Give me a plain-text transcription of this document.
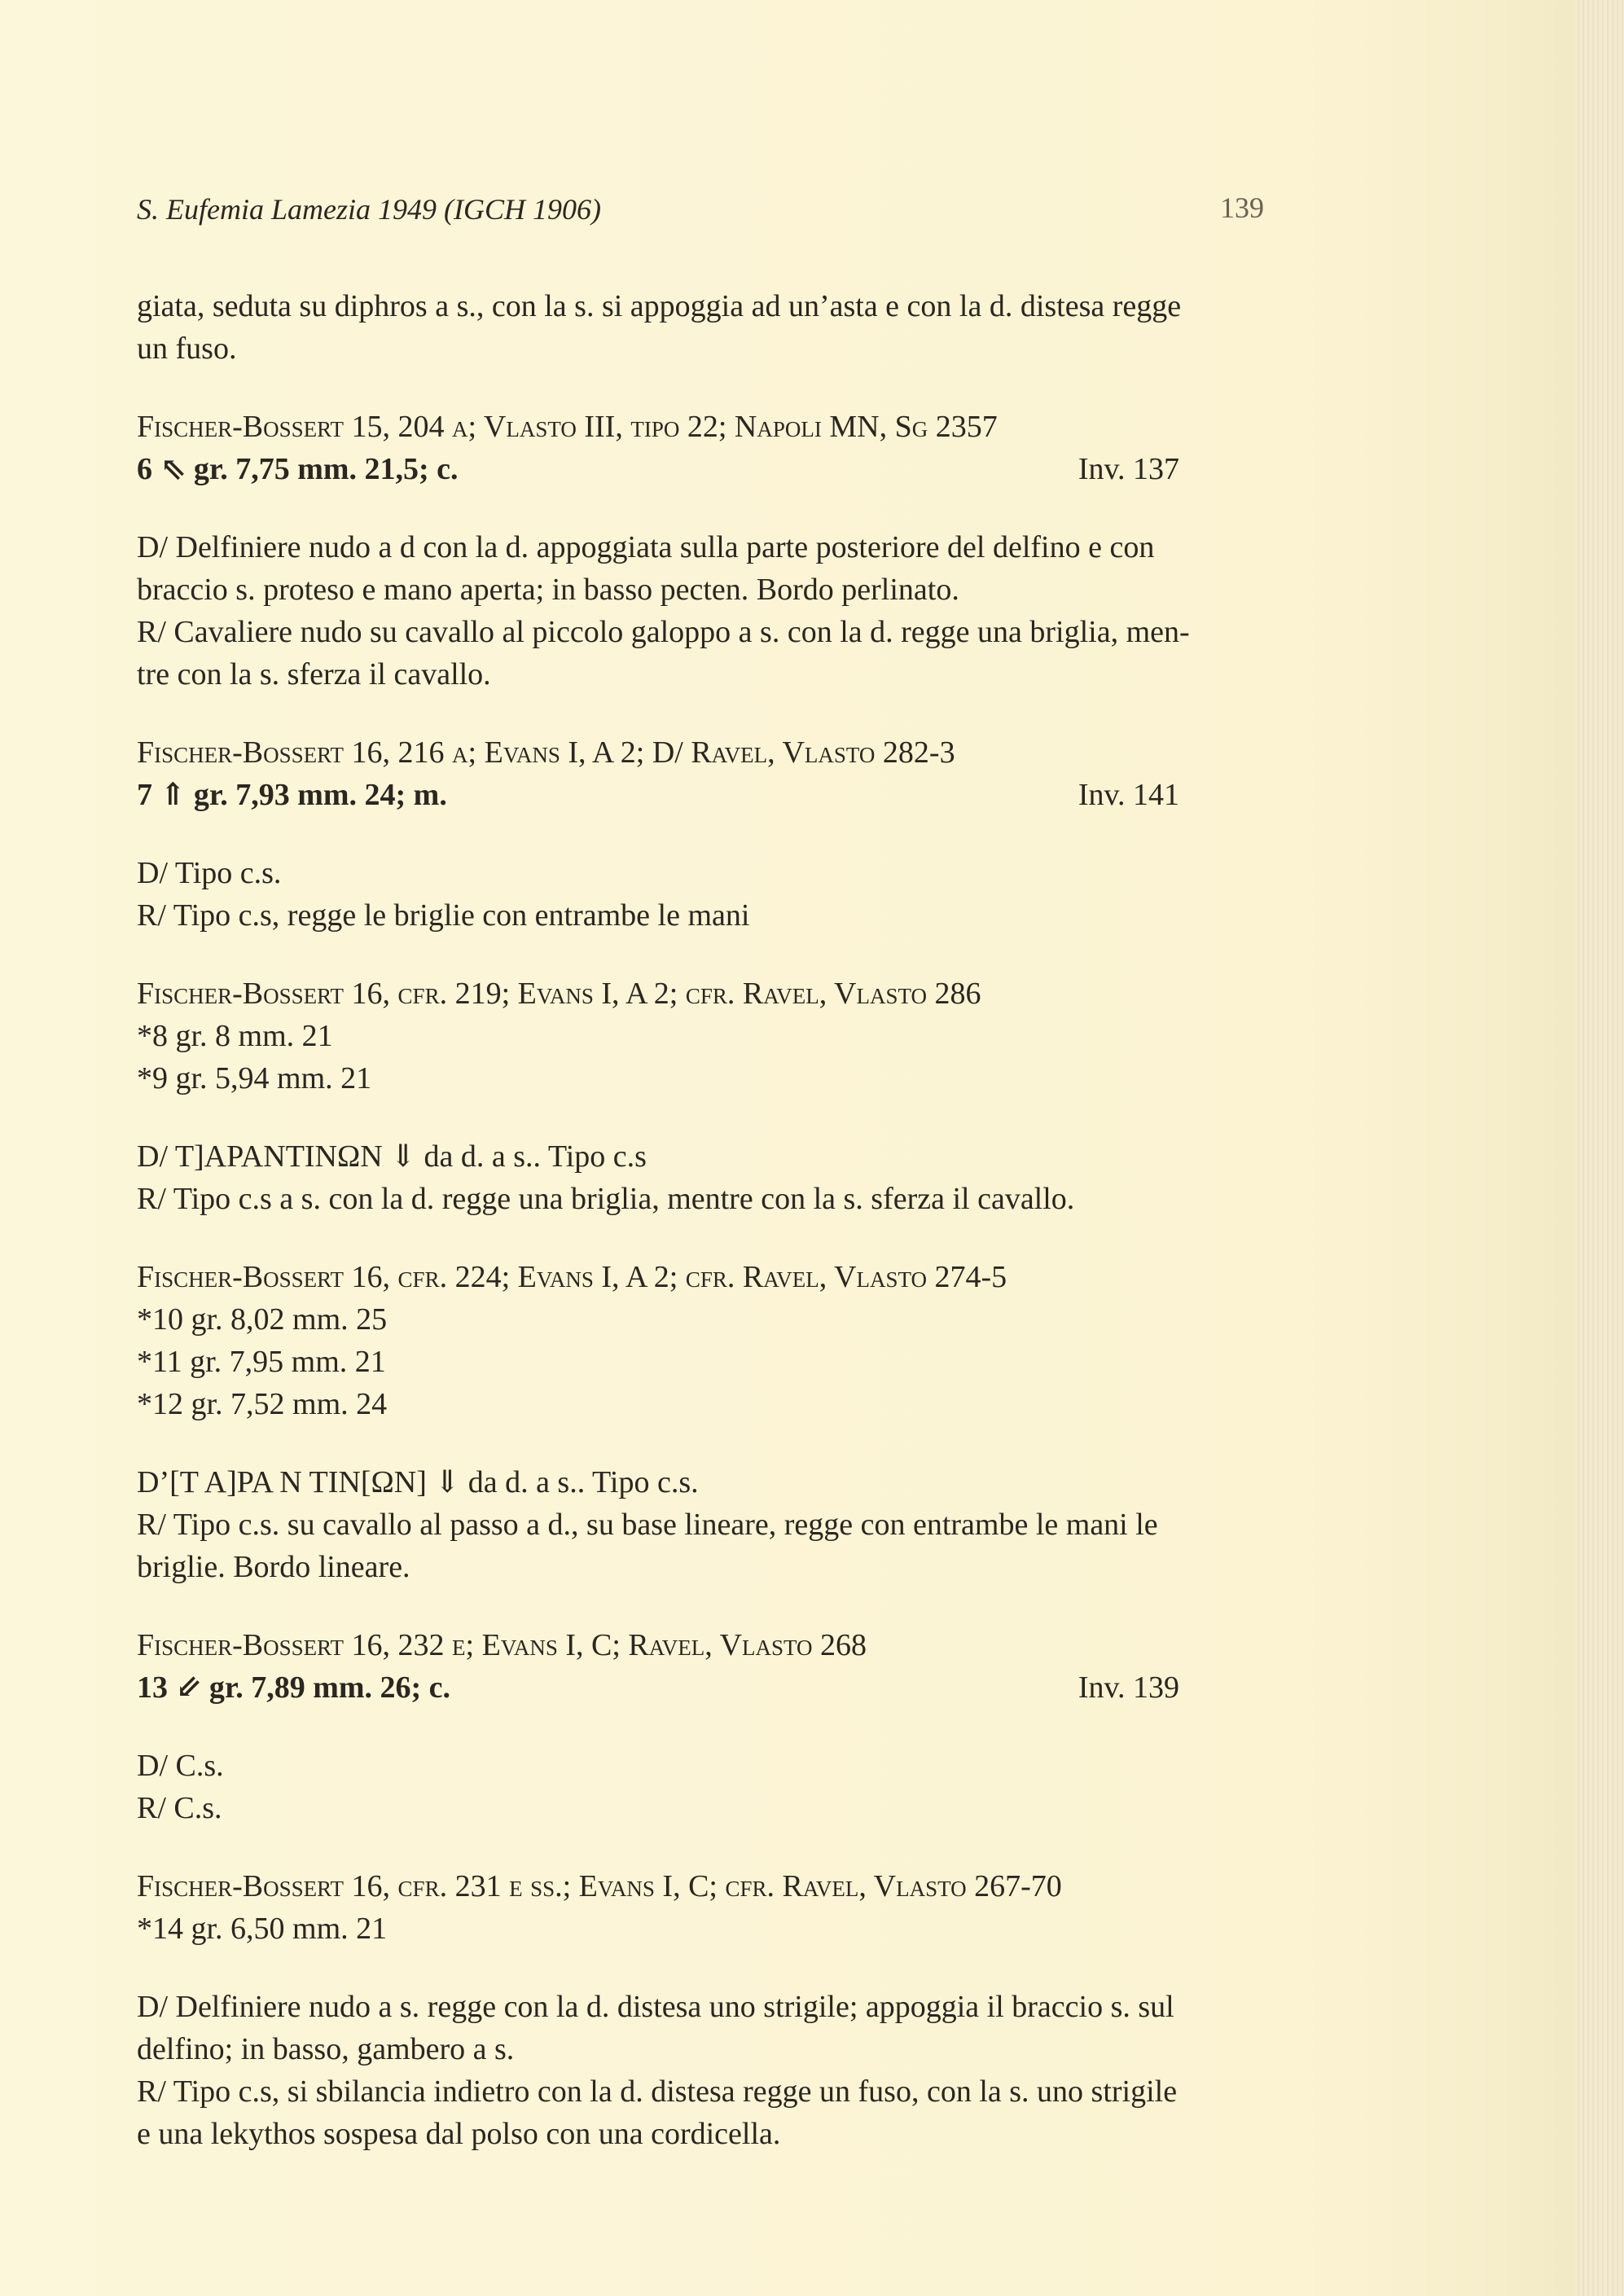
S. Eufemia Lamezia 1949 (IGCH 1906)	139
giata, seduta su diphros a s., con la s. si appoggia ad un’asta e con la d. distesa regge
un fuso.
Fischer-Bossert 15, 204 a; Vlasto III, tipo 22; Napoli MN, Sg 2357
6 ⇖ gr. 7,75 mm. 21,5; c.	Inv. 137
D/ Delfiniere nudo a d con la d. appoggiata sulla parte posteriore del delfino e con
braccio s. proteso e mano aperta; in basso pecten. Bordo perlinato.
R/ Cavaliere nudo su cavallo al piccolo galoppo a s. con la d. regge una briglia, men-
tre con la s. sferza il cavallo.
Fischer-Bossert 16, 216 a; Evans I, A 2; D/ Ravel, Vlasto 282-3
7 ⇑ gr. 7,93 mm. 24; m.	Inv. 141
D/ Tipo c.s.
R/ Tipo c.s, regge le briglie con entrambe le mani
Fischer-Bossert 16, cfr. 219; Evans I, A 2; cfr. Ravel, Vlasto 286
*8 gr. 8 mm. 21
*9 gr. 5,94 mm. 21
D/ T]ΑΡΑΝΤΙΝΩΝ ⇓ da d. a s.. Tipo c.s
R/ Tipo c.s a s. con la d. regge una briglia, mentre con la s. sferza il cavallo.
Fischer-Bossert 16, cfr. 224; Evans I, A 2; cfr. Ravel, Vlasto 274-5
*10 gr. 8,02 mm. 25
*11 gr. 7,95 mm. 21
*12 gr. 7,52 mm. 24
D’[Τ Α]ΡΑ Ν ΤΙΝ[ΩΝ] ⇓ da d. a s.. Tipo c.s.
R/ Tipo c.s. su cavallo al passo a d., su base lineare, regge con entrambe le mani le
briglie. Bordo lineare.
Fischer-Bossert 16, 232 e; Evans I, C; Ravel, Vlasto 268
13 ⇙ gr. 7,89 mm. 26; c.	Inv. 139
D/ C.s.
R/ C.s.
Fischer-Bossert 16, cfr. 231 e ss.; Evans I, C; cfr. Ravel, Vlasto 267-70
*14 gr. 6,50 mm. 21
D/ Delfiniere nudo a s. regge con la d. distesa uno strigile; appoggia il braccio s. sul
delfino; in basso, gambero a s.
R/ Tipo c.s, si sbilancia indietro con la d. distesa regge un fuso, con la s. uno strigile
e una lekythos sospesa dal polso con una cordicella.
